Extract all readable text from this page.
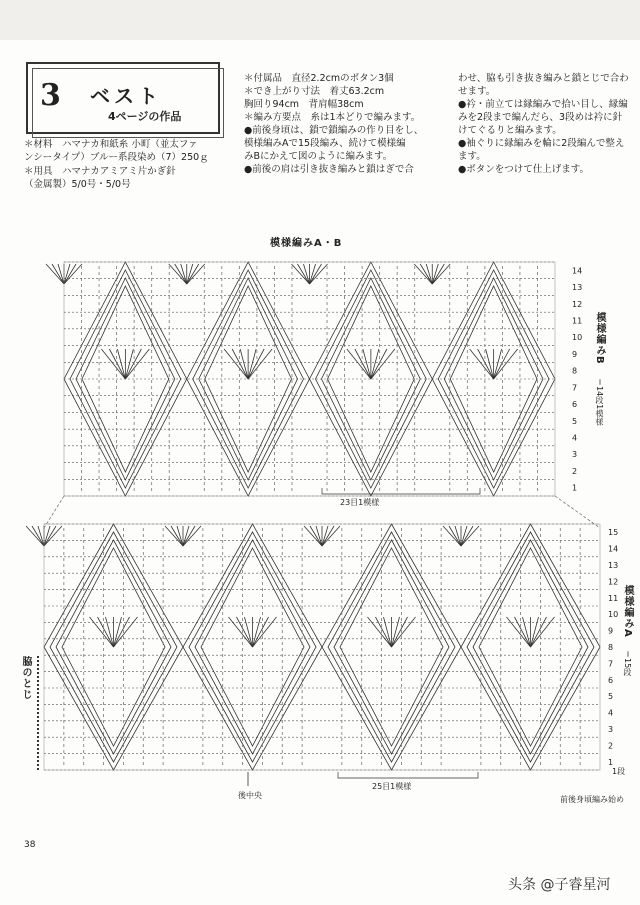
3 ベスト
4ページの作品
＊材料　ハマナカ和紙糸 小町（並太ファ
ンシータイプ）ブルー系段染め（7）250ｇ
＊用具　ハマナカアミアミ片かぎ針
（金属製）5/0号・5/0号
＊付属品　直径2.2cmのボタン3個
＊でき上がり寸法　着丈63.2cm
胸回り94cm　背肩幅38cm
＊編み方要点　糸は1本どりで編みます。
●前後身頃は、鎖で鎖編みの作り目をし、
模様編みAで15段編み、続けて模様編
みBにかえて図のように編みます。
●前後の肩は引き抜き編みと鎖はぎで合
わせ、脇も引き抜き編みと鎖とじで合わ
せます。
●衿・前立ては縁編みで拾い目し、縁編
みを2段まで編んだら、3段めは衿に針
けてぐるりと編みます。
●袖ぐりに縁編みを輪に2段編んで整え
ます。
●ボタンをつけて仕上げます。
模様編みA・B
1
2
3
4
5
6
7
8
9
10
11
12
13
14
1
2
3
4
5
6
7
8
9
10
11
12
13
14
15
模様編みB
＝14段1模様
模様編みA
＝15段
脇のとじ
23目1模様
25目1模様
後中央
1段
前後身頃編み始め
38
头条 @子睿星河
